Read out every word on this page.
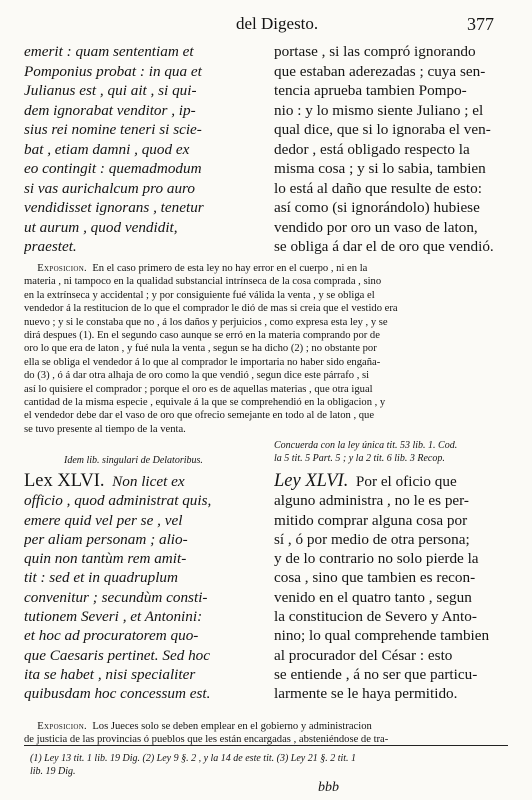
del Digesto.	377
emerit : quam sententiam et
Pomponius probat : in qua et
Julianus est , qui ait , si qui-
dem ignorabat venditor , ip-
sius rei nomine teneri si scie-
bat , etiam damni , quod ex
eo contingit : quemadmodum
si vas aurichalcum pro auro
vendidisset ignorans , tenetur
ut aurum , quod vendidit,
praestet.
portase , si las compró ignorando
que estaban aderezadas ; cuya sen-
tencia aprueba tambien Pompo-
nio : y lo mismo siente Juliano ; el
qual dice, que si lo ignoraba el ven-
dedor , está obligado respecto la
misma cosa ; y si lo sabia, tambien
lo está al daño que resulte de esto:
así como (si ignorándolo) hubiese
vendido por oro un vaso de laton,
se obliga á dar el de oro que vendió.
Exposicion. En el caso primero de esta ley no hay error en el cuerpo , ni en la
materia , ni tampoco en la qualidad substancial intrínseca de la cosa comprada , sino
en la extrínseca y accidental ; y por consiguiente fué válida la venta , y se obliga el
vendedor á la restitucion de lo que el comprador le dió de mas si creia que el vestido era
nuevo ; y si le constaba que no , á los daños y perjuicios , como expresa esta ley , y se
dirá despues (1). En el segundo caso aunque se erró en la materia comprando por de
oro lo que era de laton , y fué nula la venta , segun se ha dicho (2) ; no obstante por
ella se obliga el vendedor á lo que al comprador le importaria no haber sido engaña-
do (3) , ó á dar otra alhaja de oro como la que vendió , segun dice este párrafo , si
así lo quisiere el comprador ; porque el oro es de aquellas materias , que otra igual
cantidad de la misma especie , equivale á la que se comprehendió en la obligacion , y
el vendedor debe dar el vaso de oro que ofrecio semejante en todo al de laton , que
se tuvo presente al tiempo de la venta.
Idem lib. singulari de Delatoribus.
Concuerda con la ley única tit. 53 lib. 1. Cod.
la 5 tit. 5 Part. 5 ; y la 2 tit. 6 lib. 3 Recop.
Lex XLVI. Non licet ex
officio , quod administrat quis,
emere quid vel per se , vel
per aliam personam ; alio-
quin non tantùm rem amit-
tit : sed et in quadruplum
convenitur ; secundùm consti-
tutionem Severi , et Antonini:
et hoc ad procuratorem quo-
que Caesaris pertinet. Sed hoc
ita se habet , nisi specialiter
quibusdam hoc concessum est.
Ley XLVI. Por el oficio que
alguno administra , no le es per-
mitido comprar alguna cosa por
sí , ó por medio de otra persona;
y de lo contrario no solo pierde la
cosa , sino que tambien es recon-
venido en el quatro tanto , segun
la constitucion de Severo y Anto-
nino; lo qual comprehende tambien
al procurador del César : esto
se entiende , á no ser que particu-
larmente se le haya permitido.
Exposicion. Los Jueces solo se deben emplear en el gobierno y administracion
de justicia de las provincias ó pueblos que les están encargadas , absteniéndose de tra-
(1) Ley 13 tit. 1 lib. 19 Dig. (2) Ley 9 §. 2 , y la 14 de este tit. (3) Ley 21 §. 2 tit. 1
lib. 19 Dig.
bbb
